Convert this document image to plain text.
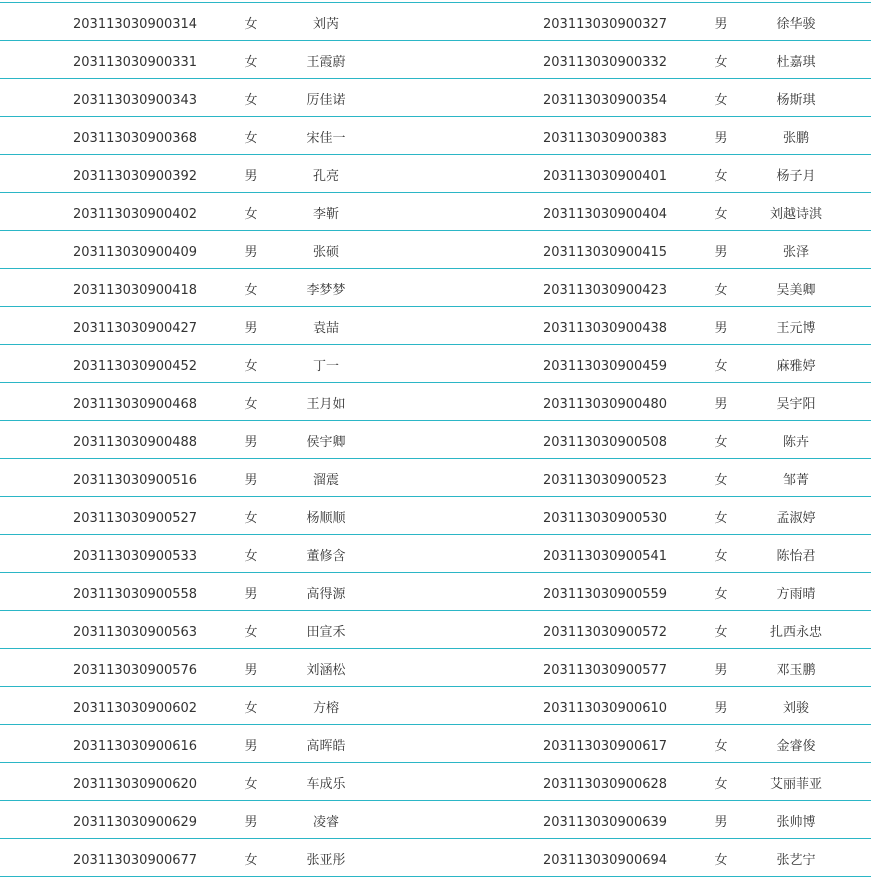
203113030900314	女	刘芮	203113030900327	男	徐华骏
203113030900331	女	王霞蔚	203113030900332	女	杜嘉琪
203113030900343	女	厉佳诺	203113030900354	女	杨斯琪
203113030900368	女	宋佳一	203113030900383	男	张鹏
203113030900392	男	孔亮	203113030900401	女	杨子月
203113030900402	女	李靳	203113030900404	女	刘越诗淇
203113030900409	男	张硕	203113030900415	男	张泽
203113030900418	女	李梦梦	203113030900423	女	吴美卿
203113030900427	男	袁喆	203113030900438	男	王元博
203113030900452	女	丁一	203113030900459	女	麻雅婷
203113030900468	女	王月如	203113030900480	男	吴宇阳
203113030900488	男	侯宇卿	203113030900508	女	陈卉
203113030900516	男	溜震	203113030900523	女	邹菁
203113030900527	女	杨顺顺	203113030900530	女	孟淑婷
203113030900533	女	董修含	203113030900541	女	陈怡君
203113030900558	男	高得源	203113030900559	女	方雨晴
203113030900563	女	田宣禾	203113030900572	女	扎西永忠
203113030900576	男	刘涵松	203113030900577	男	邓玉鹏
203113030900602	女	方榕	203113030900610	男	刘骏
203113030900616	男	高晖皓	203113030900617	女	金睿俊
203113030900620	女	车成乐	203113030900628	女	艾丽菲亚
203113030900629	男	凌睿	203113030900639	男	张帅博
203113030900677	女	张亚彤	203113030900694	女	张艺宁
